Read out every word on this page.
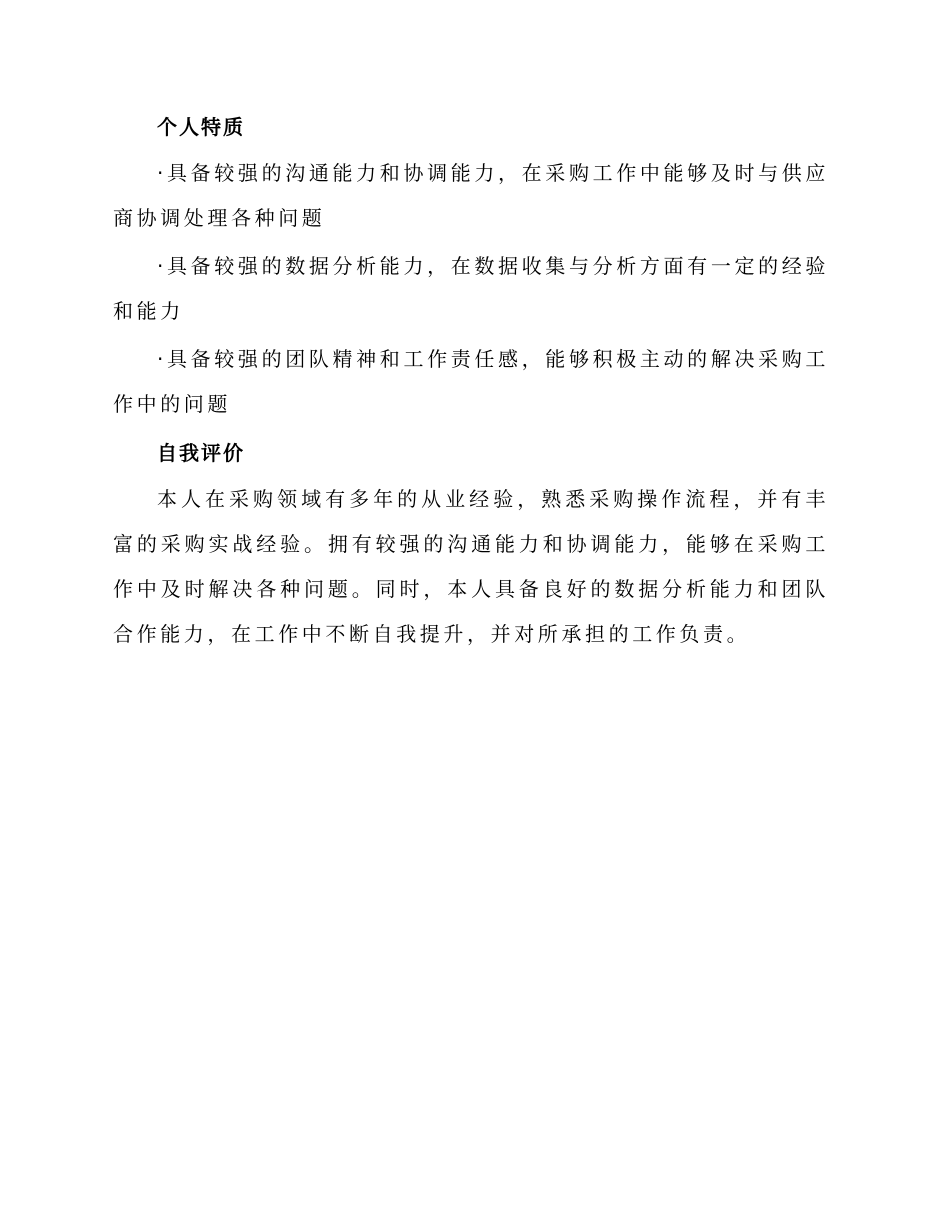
个人特质

·具备较强的沟通能力和协调能力，在采购工作中能够及时与供应商协调处理各种问题

·具备较强的数据分析能力，在数据收集与分析方面有一定的经验和能力

·具备较强的团队精神和工作责任感，能够积极主动的解决采购工作中的问题

自我评价

本人在采购领域有多年的从业经验，熟悉采购操作流程，并有丰富的采购实战经验。拥有较强的沟通能力和协调能力，能够在采购工作中及时解决各种问题。同时，本人具备良好的数据分析能力和团队合作能力，在工作中不断自我提升，并对所承担的工作负责。
